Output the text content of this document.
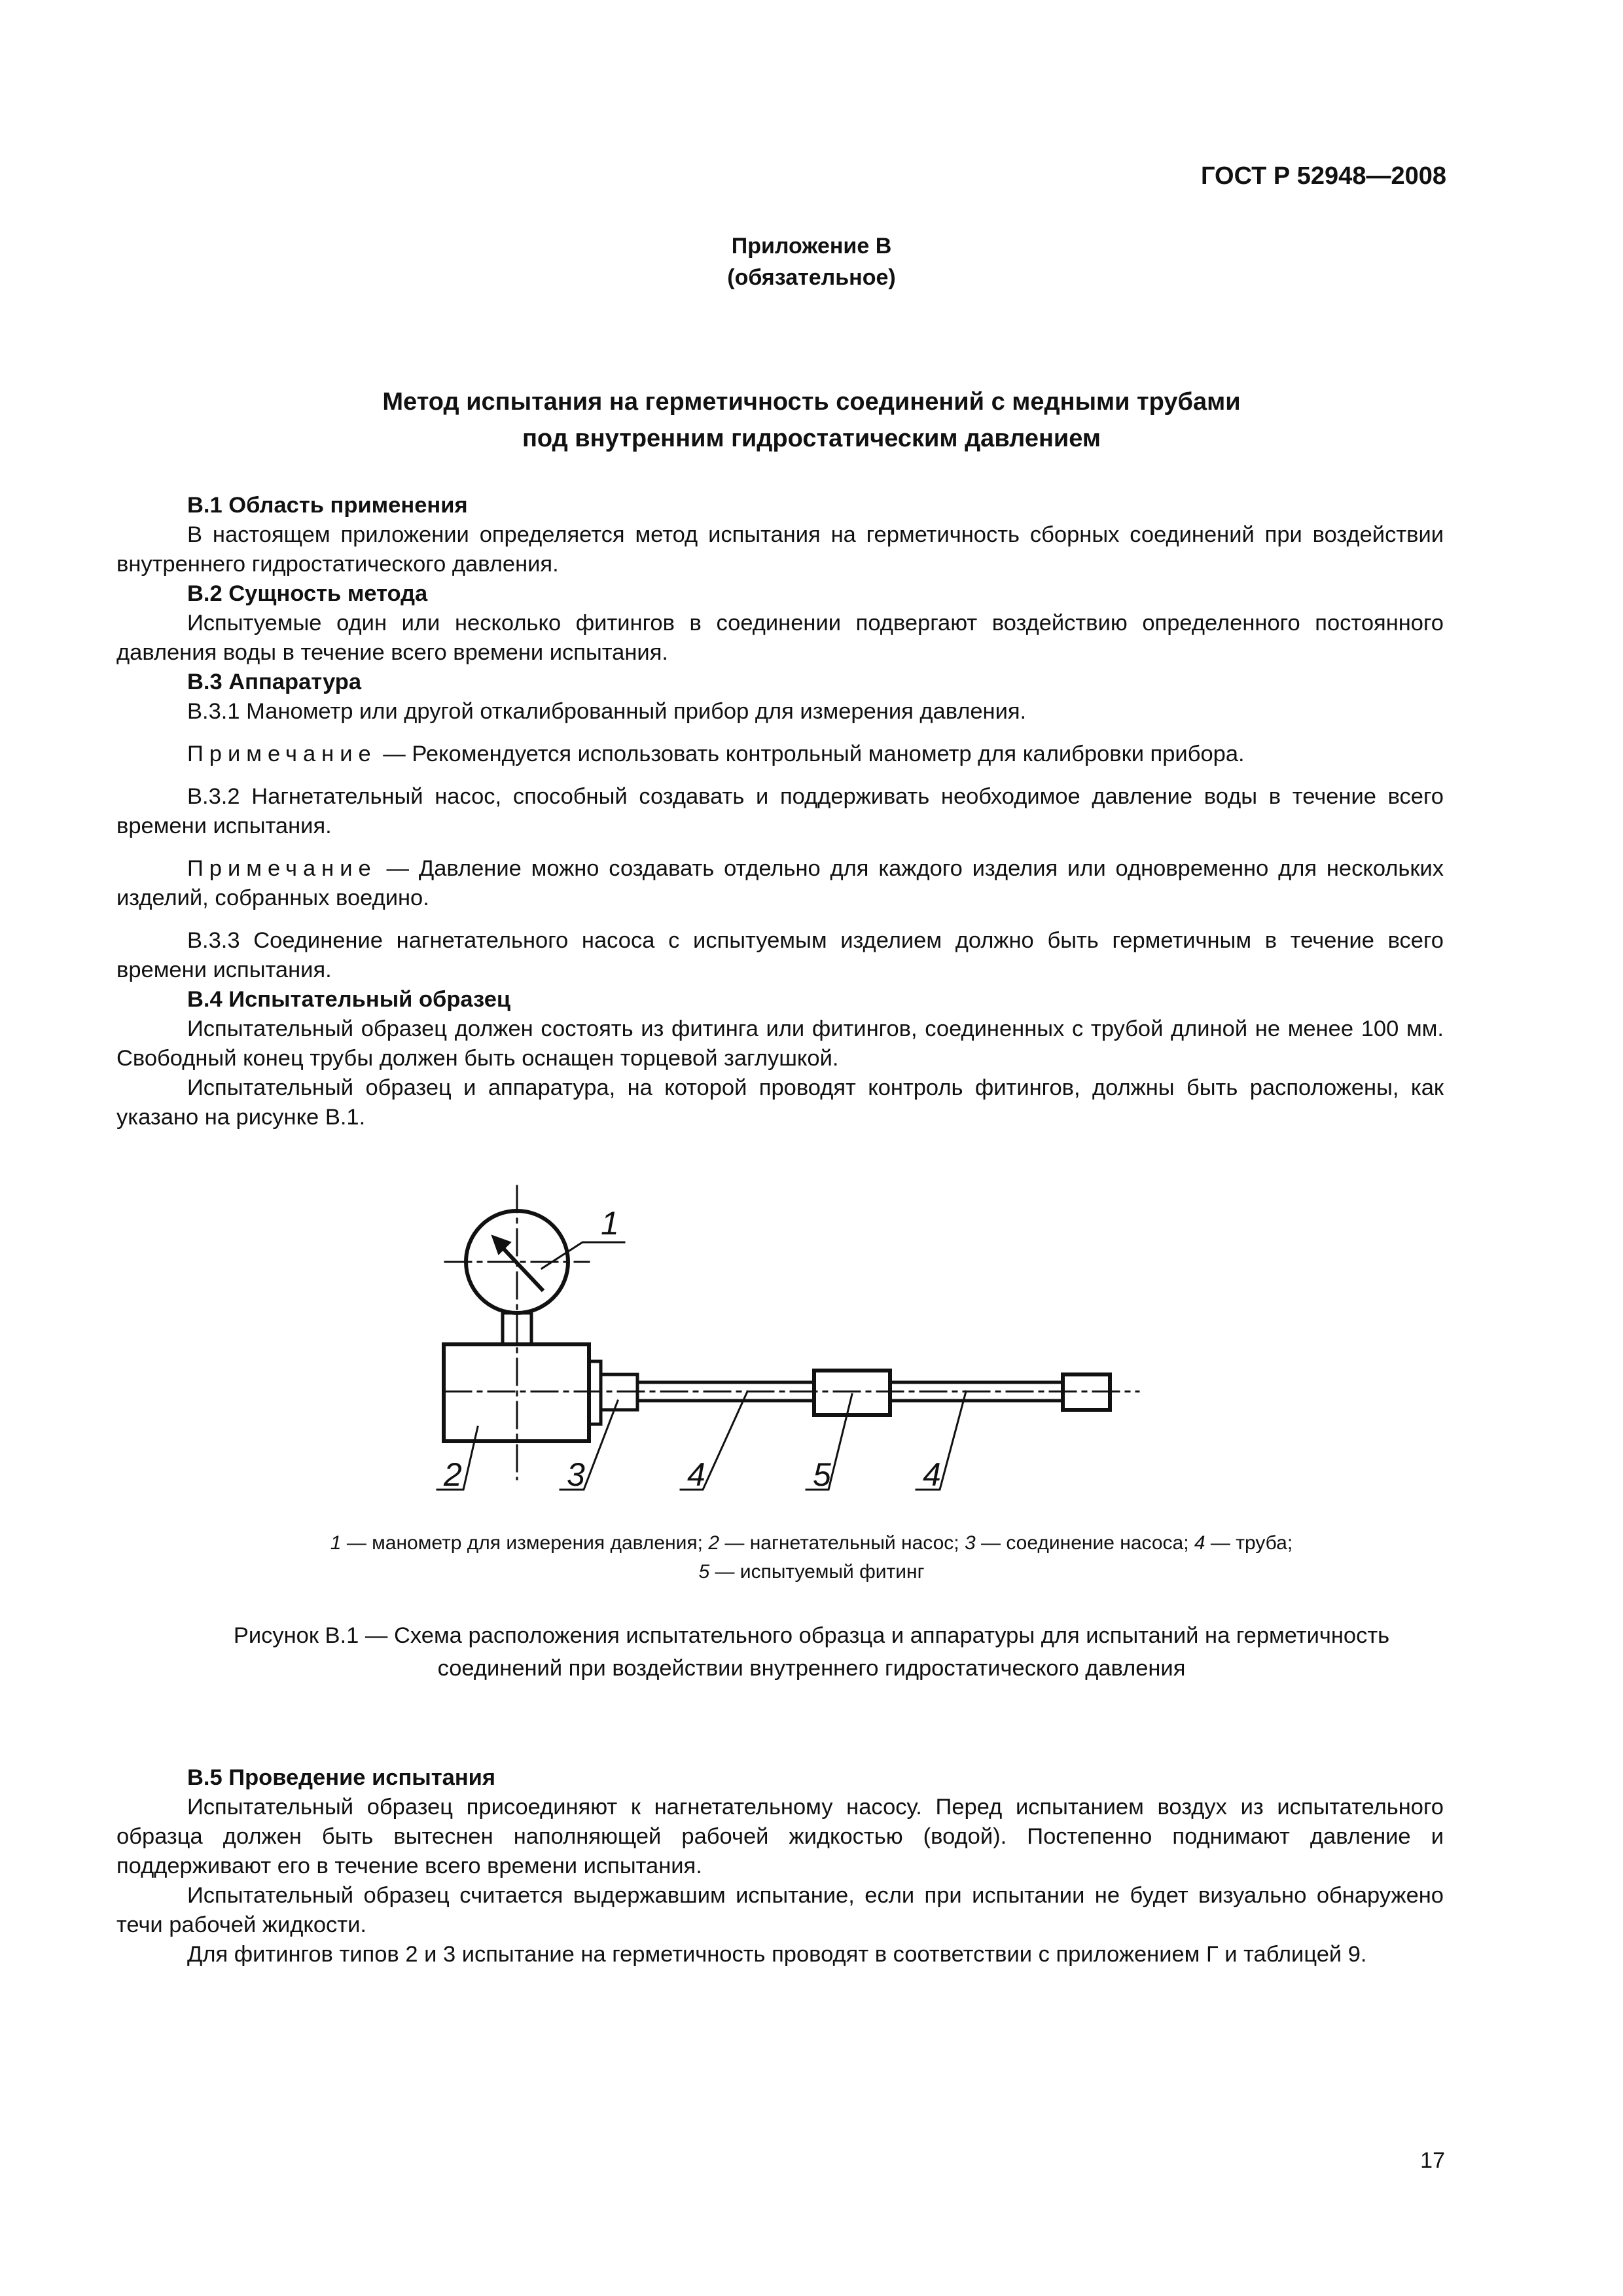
ГОСТ Р 52948—2008
Приложение В
(обязательное)
Метод испытания на герметичность соединений с медными трубами
под внутренним гидростатическим давлением
В.1 Область применения

В настоящем приложении определяется метод испытания на герметичность сборных соединений при воздействии внутреннего гидростатического давления.

В.2 Сущность метода

Испытуемые один или несколько фитингов в соединении подвергают воздействию определенного постоянного давления воды в течение всего времени испытания.

В.3 Аппаратура

В.3.1 Манометр или другой откалиброванный прибор для измерения давления.

Примечание — Рекомендуется использовать контрольный манометр для калибровки прибора.

В.3.2 Нагнетательный насос, способный создавать и поддерживать необходимое давление воды в течение всего времени испытания.

Примечание — Давление можно создавать отдельно для каждого изделия или одновременно для нескольких изделий, собранных воедино.

В.3.3 Соединение нагнетательного насоса с испытуемым изделием должно быть герметичным в течение всего времени испытания.

В.4 Испытательный образец

Испытательный образец должен состоять из фитинга или фитингов, соединенных с трубой длиной не менее 100 мм. Свободный конец трубы должен быть оснащен торцевой заглушкой.

Испытательный образец и аппаратура, на которой проводят контроль фитингов, должны быть расположены, как указано на рисунке В.1.

1
2	3	4	5	4
1 — манометр для измерения давления; 2 — нагнетательный насос; 3 — соединение насоса; 4 — труба;
5 — испытуемый фитинг
Рисунок В.1 — Схема расположения испытательного образца и аппаратуры для испытаний на герметичность
соединений при воздействии внутреннего гидростатического давления
В.5 Проведение испытания

Испытательный образец присоединяют к нагнетательному насосу. Перед испытанием воздух из испытательного образца должен быть вытеснен наполняющей рабочей жидкостью (водой). Постепенно поднимают давление и поддерживают его в течение всего времени испытания.

Испытательный образец считается выдержавшим испытание, если при испытании не будет визуально обнаружено течи рабочей жидкости.

Для фитингов типов 2 и 3 испытание на герметичность проводят в соответствии с приложением Г и таблицей 9.

17
